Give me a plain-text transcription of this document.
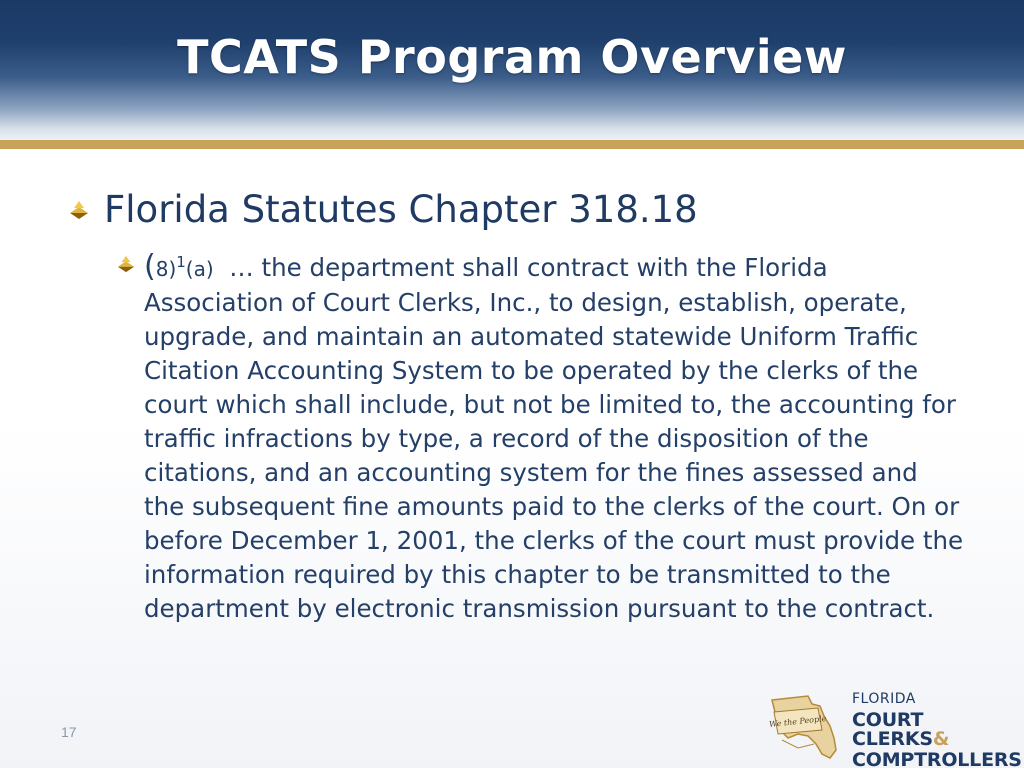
TCATS Program Overview
Florida Statutes Chapter 318.18
$(8)^1(a)$  … the department shall contract with the Florida Association of Court Clerks, Inc., to design, establish, operate, upgrade, and maintain an automated statewide Uniform Traffic Citation Accounting System to be operated by the clerks of the court which shall include, but not be limited to, the accounting for traffic infractions by type, a record of the disposition of the citations, and an accounting system for the fines assessed and the subsequent fine amounts paid to the clerks of the court. On or before December 1, 2001, the clerks of the court must provide the information required by this chapter to be transmitted to the department by electronic transmission pursuant to the contract.
17
We the People
FLORIDA
COURT CLERKS&
COMPTROLLERS
